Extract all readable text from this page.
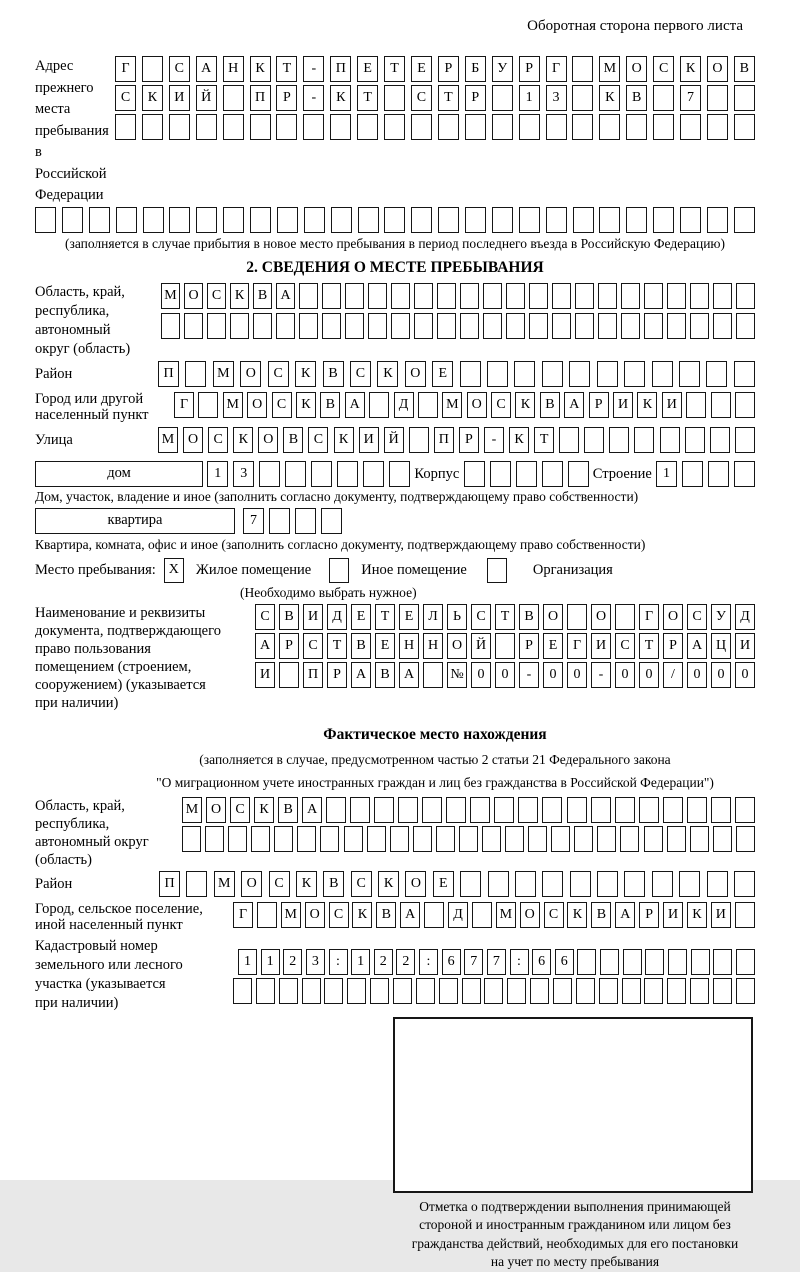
Оборотная сторона первого листа
Адрес прежнего
места пребывания
в Российской
Федерации
Г	С	А	Н	К	Т	-	П	Е	Т	Е	Р	Б	У	Р	Г	М	О	С	К	О	В
С	К	И	Й	П	Р	-	К	Т	С	Т	Р	1	3	К	В	7
(заполняется в случае прибытия в новое место пребывания в период последнего въезда в Российскую Федерацию)
2. СВЕДЕНИЯ О МЕСТЕ ПРЕБЫВАНИЯ
Область, край,
республика,
автономный
округ (область)
М О С К В А
Район	П	М	О	С	К	В	С	К	О	Е
Город или другой
населенный пункт
Г	М О	С	К	В	А	Д	М О	С	К	В	А	Р	И	К	И
Улица	М О	С	К	О	В	С	К	И	Й	П	Р	-	К	Т
дом	1	3	Корпус	Строение 1
Дом, участок, владение и иное (заполнить согласно документу, подтверждающему право собственности)
квартира	7
Квартира, комната, офис и иное (заполнить согласно документу, подтверждающему право собственности)
Место пребывания: X	Жилое помещение	Иное помещение	Организация
(Необходимо выбрать нужное)
Наименование и реквизиты
документа, подтверждающего
право пользования
помещением (строением,
сооружением) (указывается
при наличии)
С	В	И	Д	Е	Т	Е	Л	Ь	С	Т	В	О	О	Г	О	С	У	Д
А	Р	С	Т	В	Е	Н Н О Й	Р	Е	Г	И	С	Т	Р	А Ц И
И	П	Р	А	В	А	№ 0	0	-	0	0	-	0	0	/	0	0	0
Фактическое место нахождения
(заполняется в случае, предусмотренном частью 2 статьи 21 Федерального закона
"О миграционном учете иностранных граждан и лиц без гражданства в Российской Федерации")
Область, край,
республика,
автономный округ
(область)
М О	С	К	В	А
Район	П	М	О	С	К	В	С	К	О	Е
Город, сельское поселение,
иной населенный пункт
Г	М О	С	К	В	А	Д	М О	С	К	В	А	Р	И	К	И
Кадастровый номер
земельного или лесного
участка (указывается
при наличии)
1	1	2	3	:	1	2	2	:	6	7	7	:	6	6
Отметка о подтверждении выполнения принимающей
стороной и иностранным гражданином или лицом без
гражданства действий, необходимых для его постановки
на учет по месту пребывания
